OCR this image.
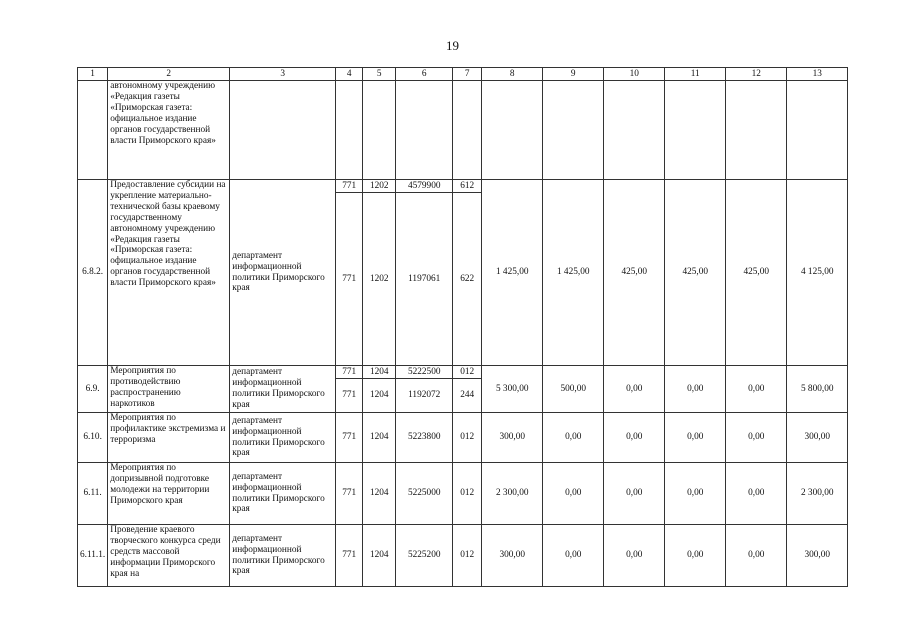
19
1	2	3	4	5	6	7	8	9	10	11	12	13
	автономному учреждению «Редакция газеты «Приморская газета: официальное издание органов государственной власти Приморского края»											
6.8.2.	Предоставление субсидии на укрепление материально-технической базы краевому государственному автономному учреждению «Редакция газеты «Приморская газета: официальное издание органов государственной власти Приморского края»	департамент информационной политики Приморского края	771	1202	4579900	612	1 425,00	1 425,00	425,00	425,00	425,00	4 125,00
			771	1202	1197061	622						
6.9.	Мероприятия по противодействию распространению наркотиков	департамент информационной политики Приморского края	771	1204	5222500	012	5 300,00	500,00	0,00	0,00	0,00	5 800,00
			771	1204	1192072	244						
6.10.	Мероприятия по профилактике экстремизма и терроризма	департамент информационной политики Приморского края	771	1204	5223800	012	300,00	0,00	0,00	0,00	0,00	300,00
6.11.	Мероприятия по допризывной подготовке молодежи на территории Приморского края	департамент информационной политики Приморского края	771	1204	5225000	012	2 300,00	0,00	0,00	0,00	0,00	2 300,00
6.11.1.	Проведение краевого творческого конкурса среди средств массовой информации Приморского края на	департамент информационной политики Приморского края	771	1204	5225200	012	300,00	0,00	0,00	0,00	0,00	300,00
